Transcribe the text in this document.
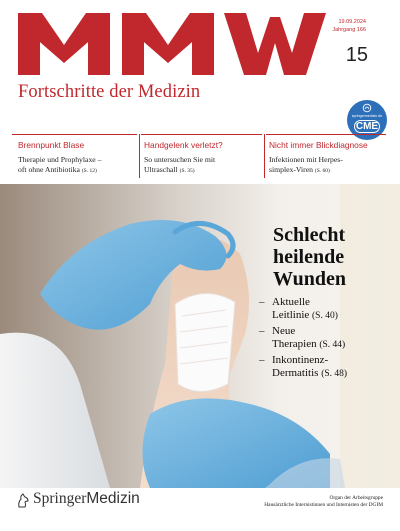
19.09.2024
Jahrgang 166
15
Fortschritte der Medizin
springermedizin.de
CME
Brennpunkt Blase
Therapie und Prophylaxe –
oft ohne Antibiotika (S. 12)
Handgelenk verletzt?
So untersuchen Sie mit
Ultraschall (S. 35)
Nicht immer Blickdiagnose
Infektionen mit Herpes-
simplex-Viren (S. 60)
Schlecht
heilende
Wunden
– Aktuelle
Leitlinie (S. 40)
– Neue
Therapien (S. 44)
– Inkontinenz-
Dermatitis (S. 48)
SpringerMedizin	Organ der Arbeitsgruppe
Hausärztliche Internistinnen und Internisten der DGIM
